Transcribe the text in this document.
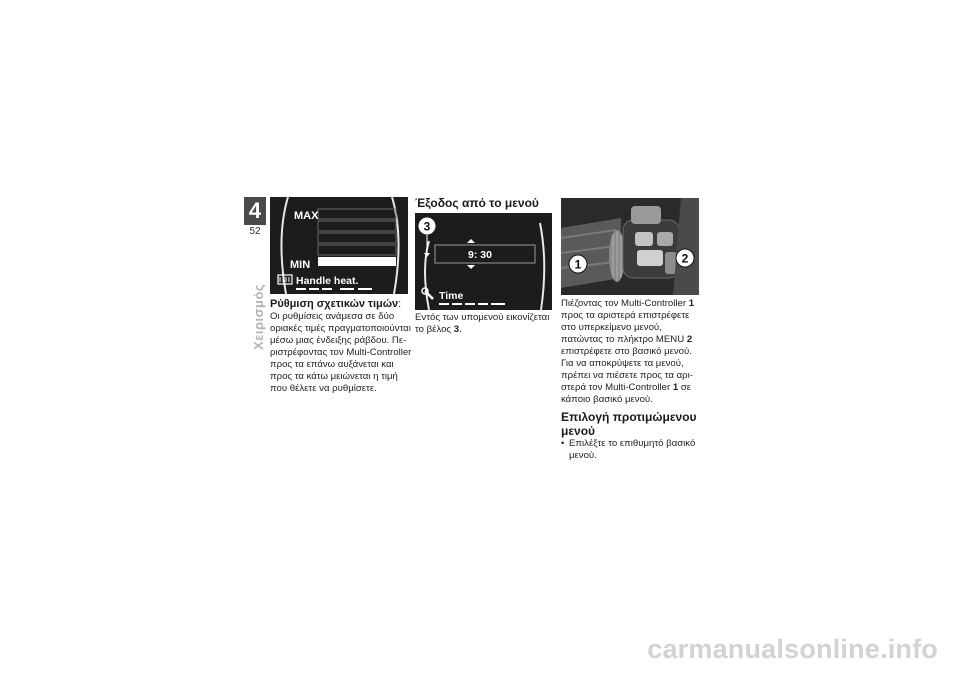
4
52
Χειρισμός
MAX
MIN
Handle heat.
9: 30
3
Time
1	2
Ρύθμιση σχετικών τιμών:
Οι ρυθμίσεις ανάμεσα σε δύο
οριακές τιμές πραγματοποιούνται
μέσω μιας ένδειξης ράβδου. Πε-
ριστρέφοντας τον Multi-Controller
προς τα επάνω αυξάνεται και
προς τα κάτω μειώνεται η τιμή
που θέλετε να ρυθμίσετε.
Έξοδος από το μενού
Εντός των υπομενού εικονίζεται
το βέλος 3.
Πιέζοντας τον Multi-Controller 1
προς τα αριστερά επιστρέφετε
στο υπερκείμενο μενού,
πατώντας το πλήκτρο MENU 2
επιστρέφετε στο βασικό μενού.
Για να αποκρύψετε τα μενού,
πρέπει να πιέσετε προς τα αρι-
στερά τον Multi-Controller 1 σε
κάποιο βασικό μενού.
Επιλογή προτιμώμενου
μενού
• Επιλέξτε το επιθυμητό βασικό
μενού.
carmanualsonline.info
